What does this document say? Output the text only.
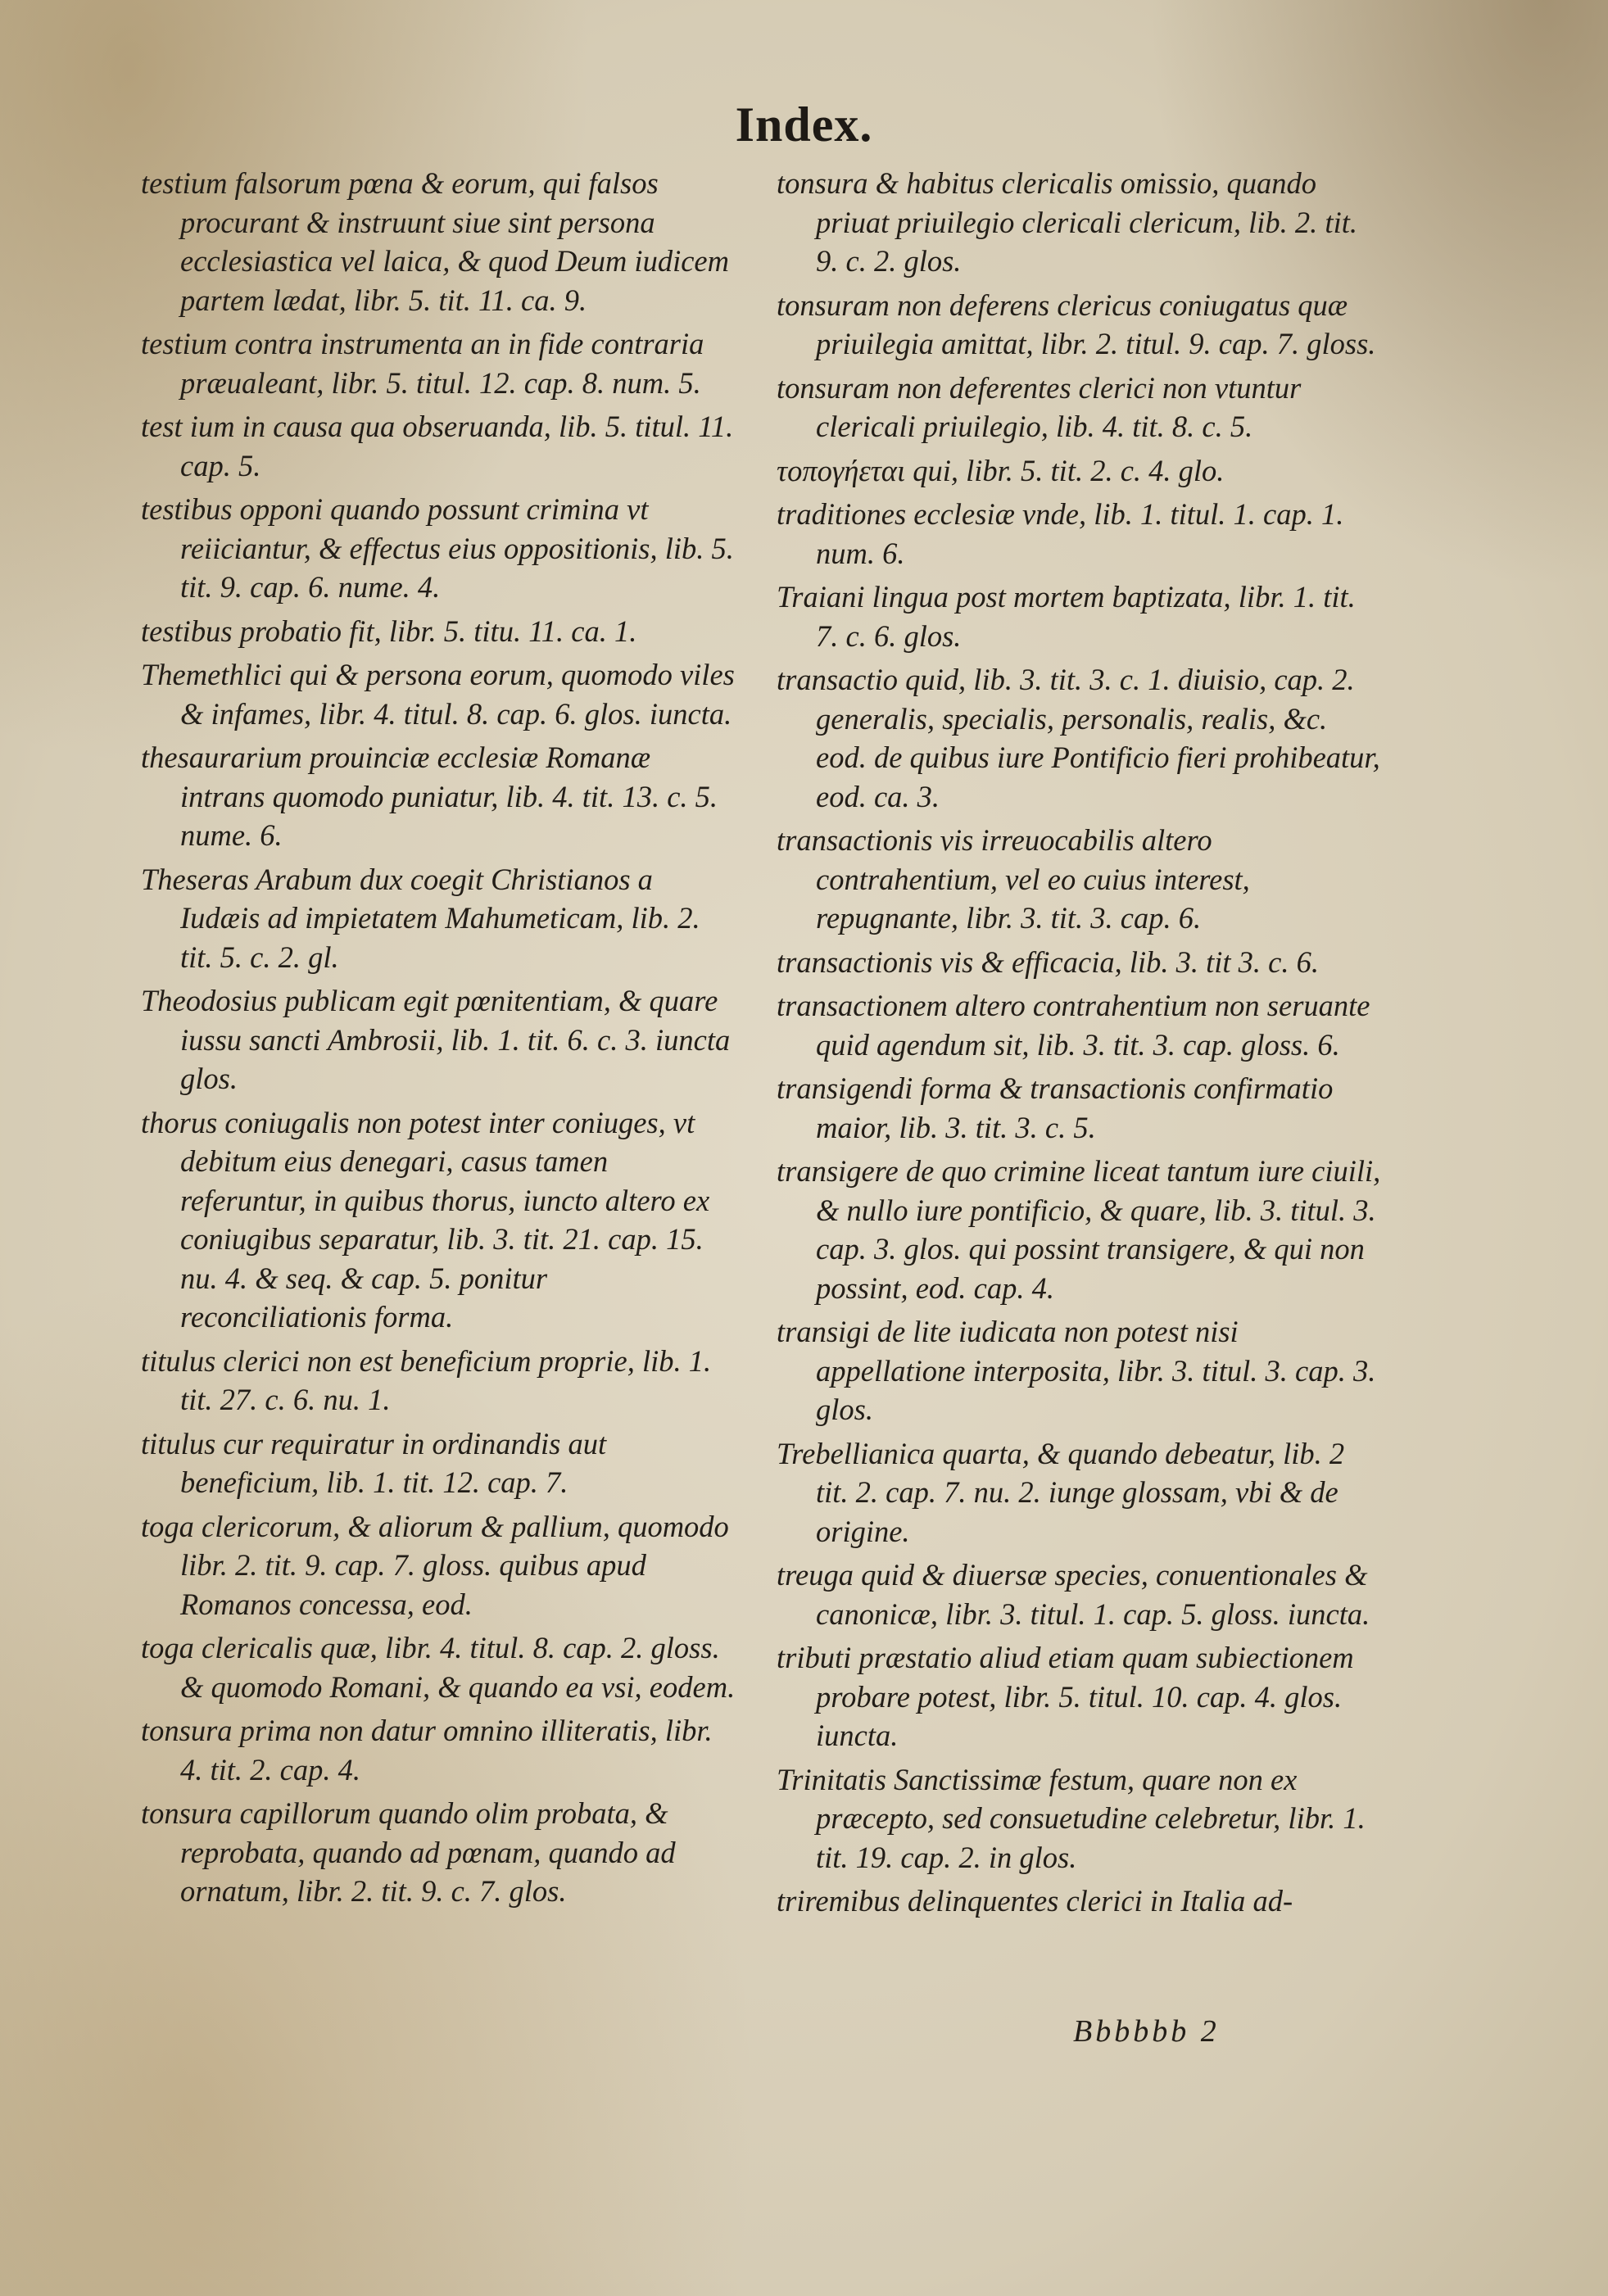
Index.

testium falsorum pœna & eorum, qui falsos procurant & instruunt siue sint persona ecclesiastica vel laica, & quod Deum iudicem partem lædat, libr. 5. tit. 11. ca. 9.

testium contra instrumenta an in fide contraria præualeant, libr. 5. titul. 12. cap. 8. num. 5.

test ium in causa qua obseruanda, lib. 5. titul. 11. cap. 5.

testibus opponi quando possunt crimina vt reiiciantur, & effectus eius oppositionis, lib. 5. tit. 9. cap. 6. nume. 4.

testibus probatio fit, libr. 5. titu. 11. ca. 1.

Themethlici qui & persona eorum, quomodo viles & infames, libr. 4. titul. 8. cap. 6. glos. iuncta.

thesaurarium prouinciæ ecclesiæ Romanæ intrans quomodo puniatur, lib. 4. tit. 13. c. 5. nume. 6.

Theseras Arabum dux coegit Christianos a Iudæis ad impietatem Mahumeticam, lib. 2. tit. 5. c. 2. gl.

Theodosius publicam egit pœnitentiam, & quare iussu sancti Ambrosii, lib. 1. tit. 6. c. 3. iuncta glos.

thorus coniugalis non potest inter coniuges, vt debitum eius denegari, casus tamen referuntur, in quibus thorus, iuncto altero ex coniugibus separatur, lib. 3. tit. 21. cap. 15. nu. 4. & seq. & cap. 5. ponitur reconciliationis forma.

titulus clerici non est beneficium proprie, lib. 1. tit. 27. c. 6. nu. 1.

titulus cur requiratur in ordinandis aut beneficium, lib. 1. tit. 12. cap. 7.

toga clericorum, & aliorum & pallium, quomodo libr. 2. tit. 9. cap. 7. gloss. quibus apud Romanos concessa, eod.

toga clericalis quæ, libr. 4. titul. 8. cap. 2. gloss. & quomodo Romani, & quando ea vsi, eodem.

tonsura prima non datur omnino illiteratis, libr. 4. tit. 2. cap. 4.

tonsura capillorum quando olim probata, & reprobata, quando ad pœnam, quando ad ornatum, libr. 2. tit. 9. c. 7. glos.

tonsura & habitus clericalis omissio, quando priuat priuilegio clericali clericum, lib. 2. tit. 9. c. 2. glos.

tonsuram non deferens clericus coniugatus quæ priuilegia amittat, libr. 2. titul. 9. cap. 7. gloss.

tonsuram non deferentes clerici non vtuntur clericali priuilegio, lib. 4. tit. 8. c. 5.

τοπογήεται qui, libr. 5. tit. 2. c. 4. glo.

traditiones ecclesiæ vnde, lib. 1. titul. 1. cap. 1. num. 6.

Traiani lingua post mortem baptizata, libr. 1. tit. 7. c. 6. glos.

transactio quid, lib. 3. tit. 3. c. 1. diuisio, cap. 2. generalis, specialis, personalis, realis, &c. eod. de quibus iure Pontificio fieri prohibeatur, eod. ca. 3.

transactionis vis irreuocabilis altero contrahentium, vel eo cuius interest, repugnante, libr. 3. tit. 3. cap. 6.

transactionis vis & efficacia, lib. 3. tit 3. c. 6.

transactionem altero contrahentium non seruante quid agendum sit, lib. 3. tit. 3. cap. gloss. 6.

transigendi forma & transactionis confirmatio maior, lib. 3. tit. 3. c. 5.

transigere de quo crimine liceat tantum iure ciuili, & nullo iure pontificio, & quare, lib. 3. titul. 3. cap. 3. glos. qui possint transigere, & qui non possint, eod. cap. 4.

transigi de lite iudicata non potest nisi appellatione interposita, libr. 3. titul. 3. cap. 3. glos.

Trebellianica quarta, & quando debeatur, lib. 2 tit. 2. cap. 7. nu. 2. iunge glossam, vbi & de origine.

treuga quid & diuersæ species, conuentionales & canonicæ, libr. 3. titul. 1. cap. 5. gloss. iuncta.

tributi præstatio aliud etiam quam subiectionem probare potest, libr. 5. titul. 10. cap. 4. glos. iuncta.

Trinitatis Sanctissimæ festum, quare non ex præcepto, sed consuetudine celebretur, libr. 1. tit. 19. cap. 2. in glos.

triremibus delinquentes clerici in Italia ad-

Bbbbbb 2
